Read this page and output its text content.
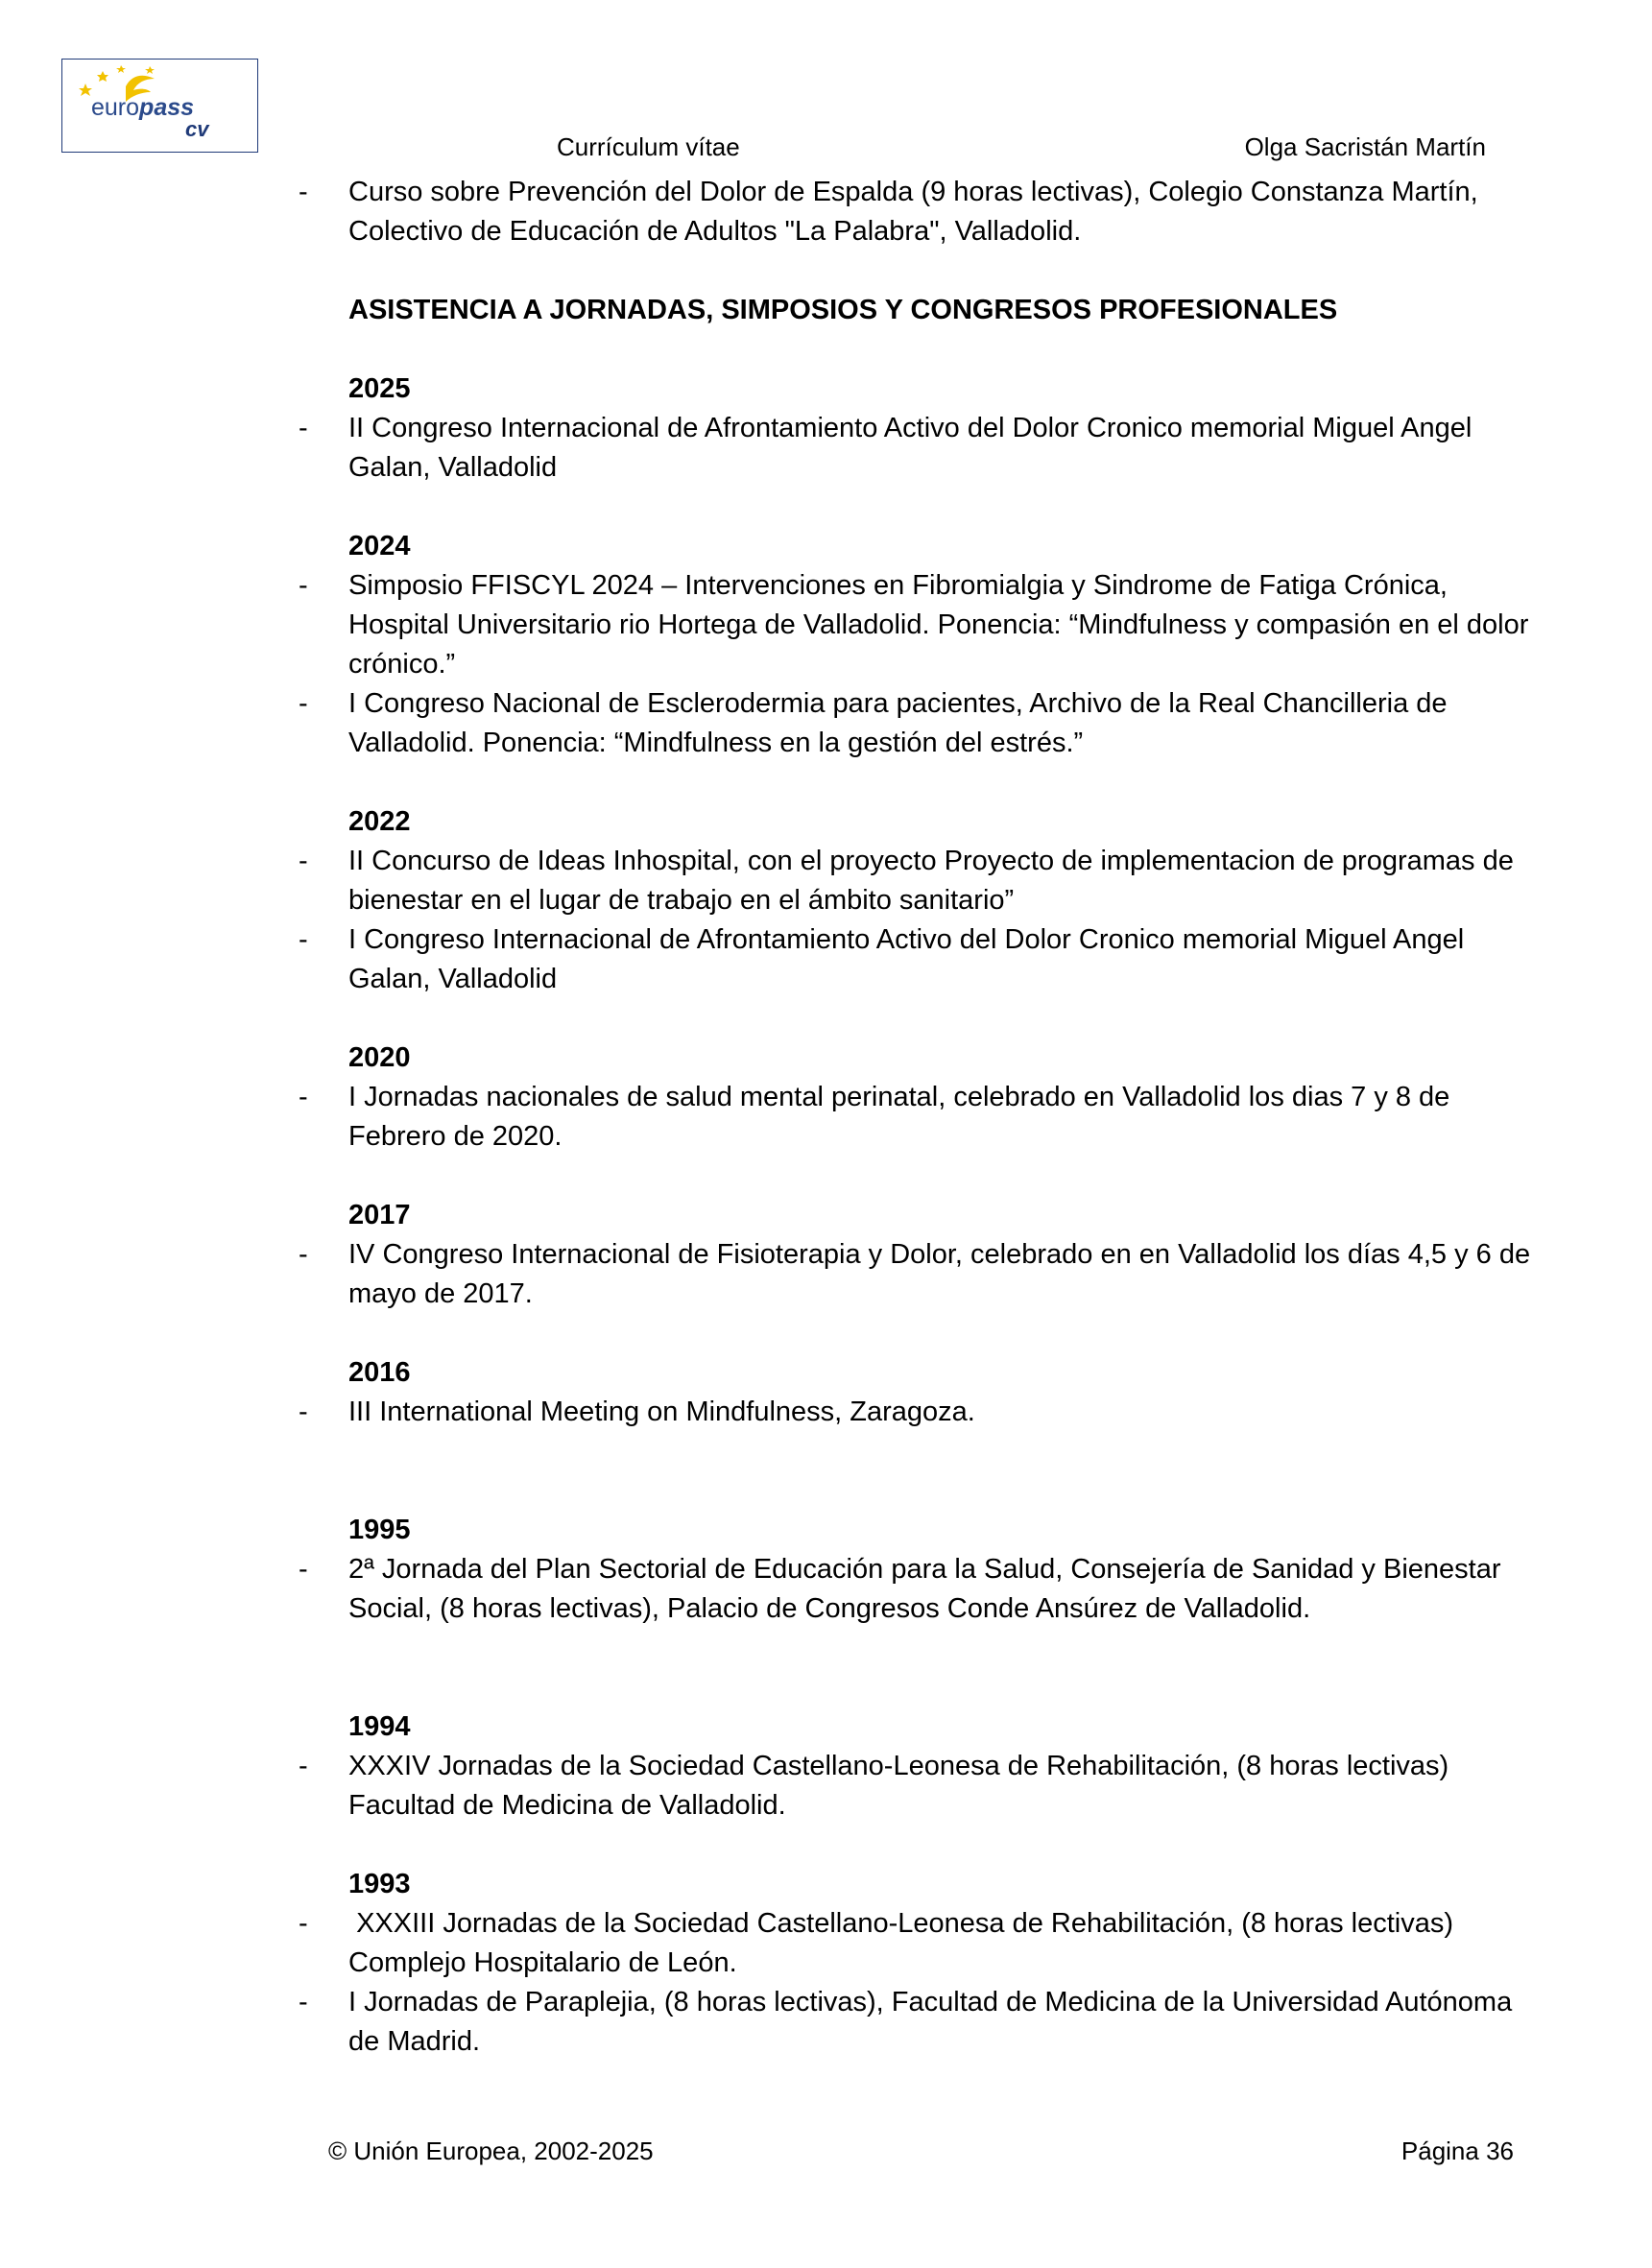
europass
cv
Currículum vítae	Olga Sacristán Martín
- Curso sobre Prevención del Dolor de Espalda (9 horas lectivas), Colegio Constanza Martín, Colectivo de Educación de Adultos "La Palabra", Valladolid.
ASISTENCIA A JORNADAS, SIMPOSIOS Y CONGRESOS PROFESIONALES
2025
- II Congreso Internacional de Afrontamiento Activo del Dolor Cronico memorial Miguel Angel Galan, Valladolid
2024
- Simposio FFISCYL 2024 – Intervenciones en Fibromialgia y Sindrome de Fatiga Crónica, Hospital Universitario rio Hortega de Valladolid. Ponencia: “Mindfulness y compasión en el dolor crónico.”
- I Congreso Nacional de Esclerodermia para pacientes, Archivo de la Real Chancilleria de Valladolid. Ponencia: “Mindfulness en la gestión del estrés.”
2022
- II Concurso de Ideas Inhospital, con el proyecto Proyecto de implementacion de programas de bienestar en el lugar de trabajo en el ámbito sanitario”
- I Congreso Internacional de Afrontamiento Activo del Dolor Cronico memorial Miguel Angel Galan, Valladolid
2020
- I Jornadas nacionales de salud mental perinatal, celebrado en Valladolid los dias 7 y 8 de Febrero de 2020.
2017
- IV Congreso Internacional de Fisioterapia y Dolor, celebrado en en Valladolid los días 4,5 y 6 de mayo de 2017.
2016
- III International Meeting on Mindfulness, Zaragoza.
1995
- 2ª Jornada del Plan Sectorial de Educación para la Salud, Consejería de Sanidad y Bienestar Social, (8 horas lectivas), Palacio de Congresos Conde Ansúrez de Valladolid.
1994
- XXXIV Jornadas de la Sociedad Castellano-Leonesa de Rehabilitación, (8 horas lectivas) Facultad de Medicina de Valladolid.
1993
- XXXIII Jornadas de la Sociedad Castellano-Leonesa de Rehabilitación, (8 horas lectivas) Complejo Hospitalario de León.
- I Jornadas de Paraplejia, (8 horas lectivas), Facultad de Medicina de la Universidad Autónoma de Madrid.
© Unión Europea, 2002-2025	Página 36
